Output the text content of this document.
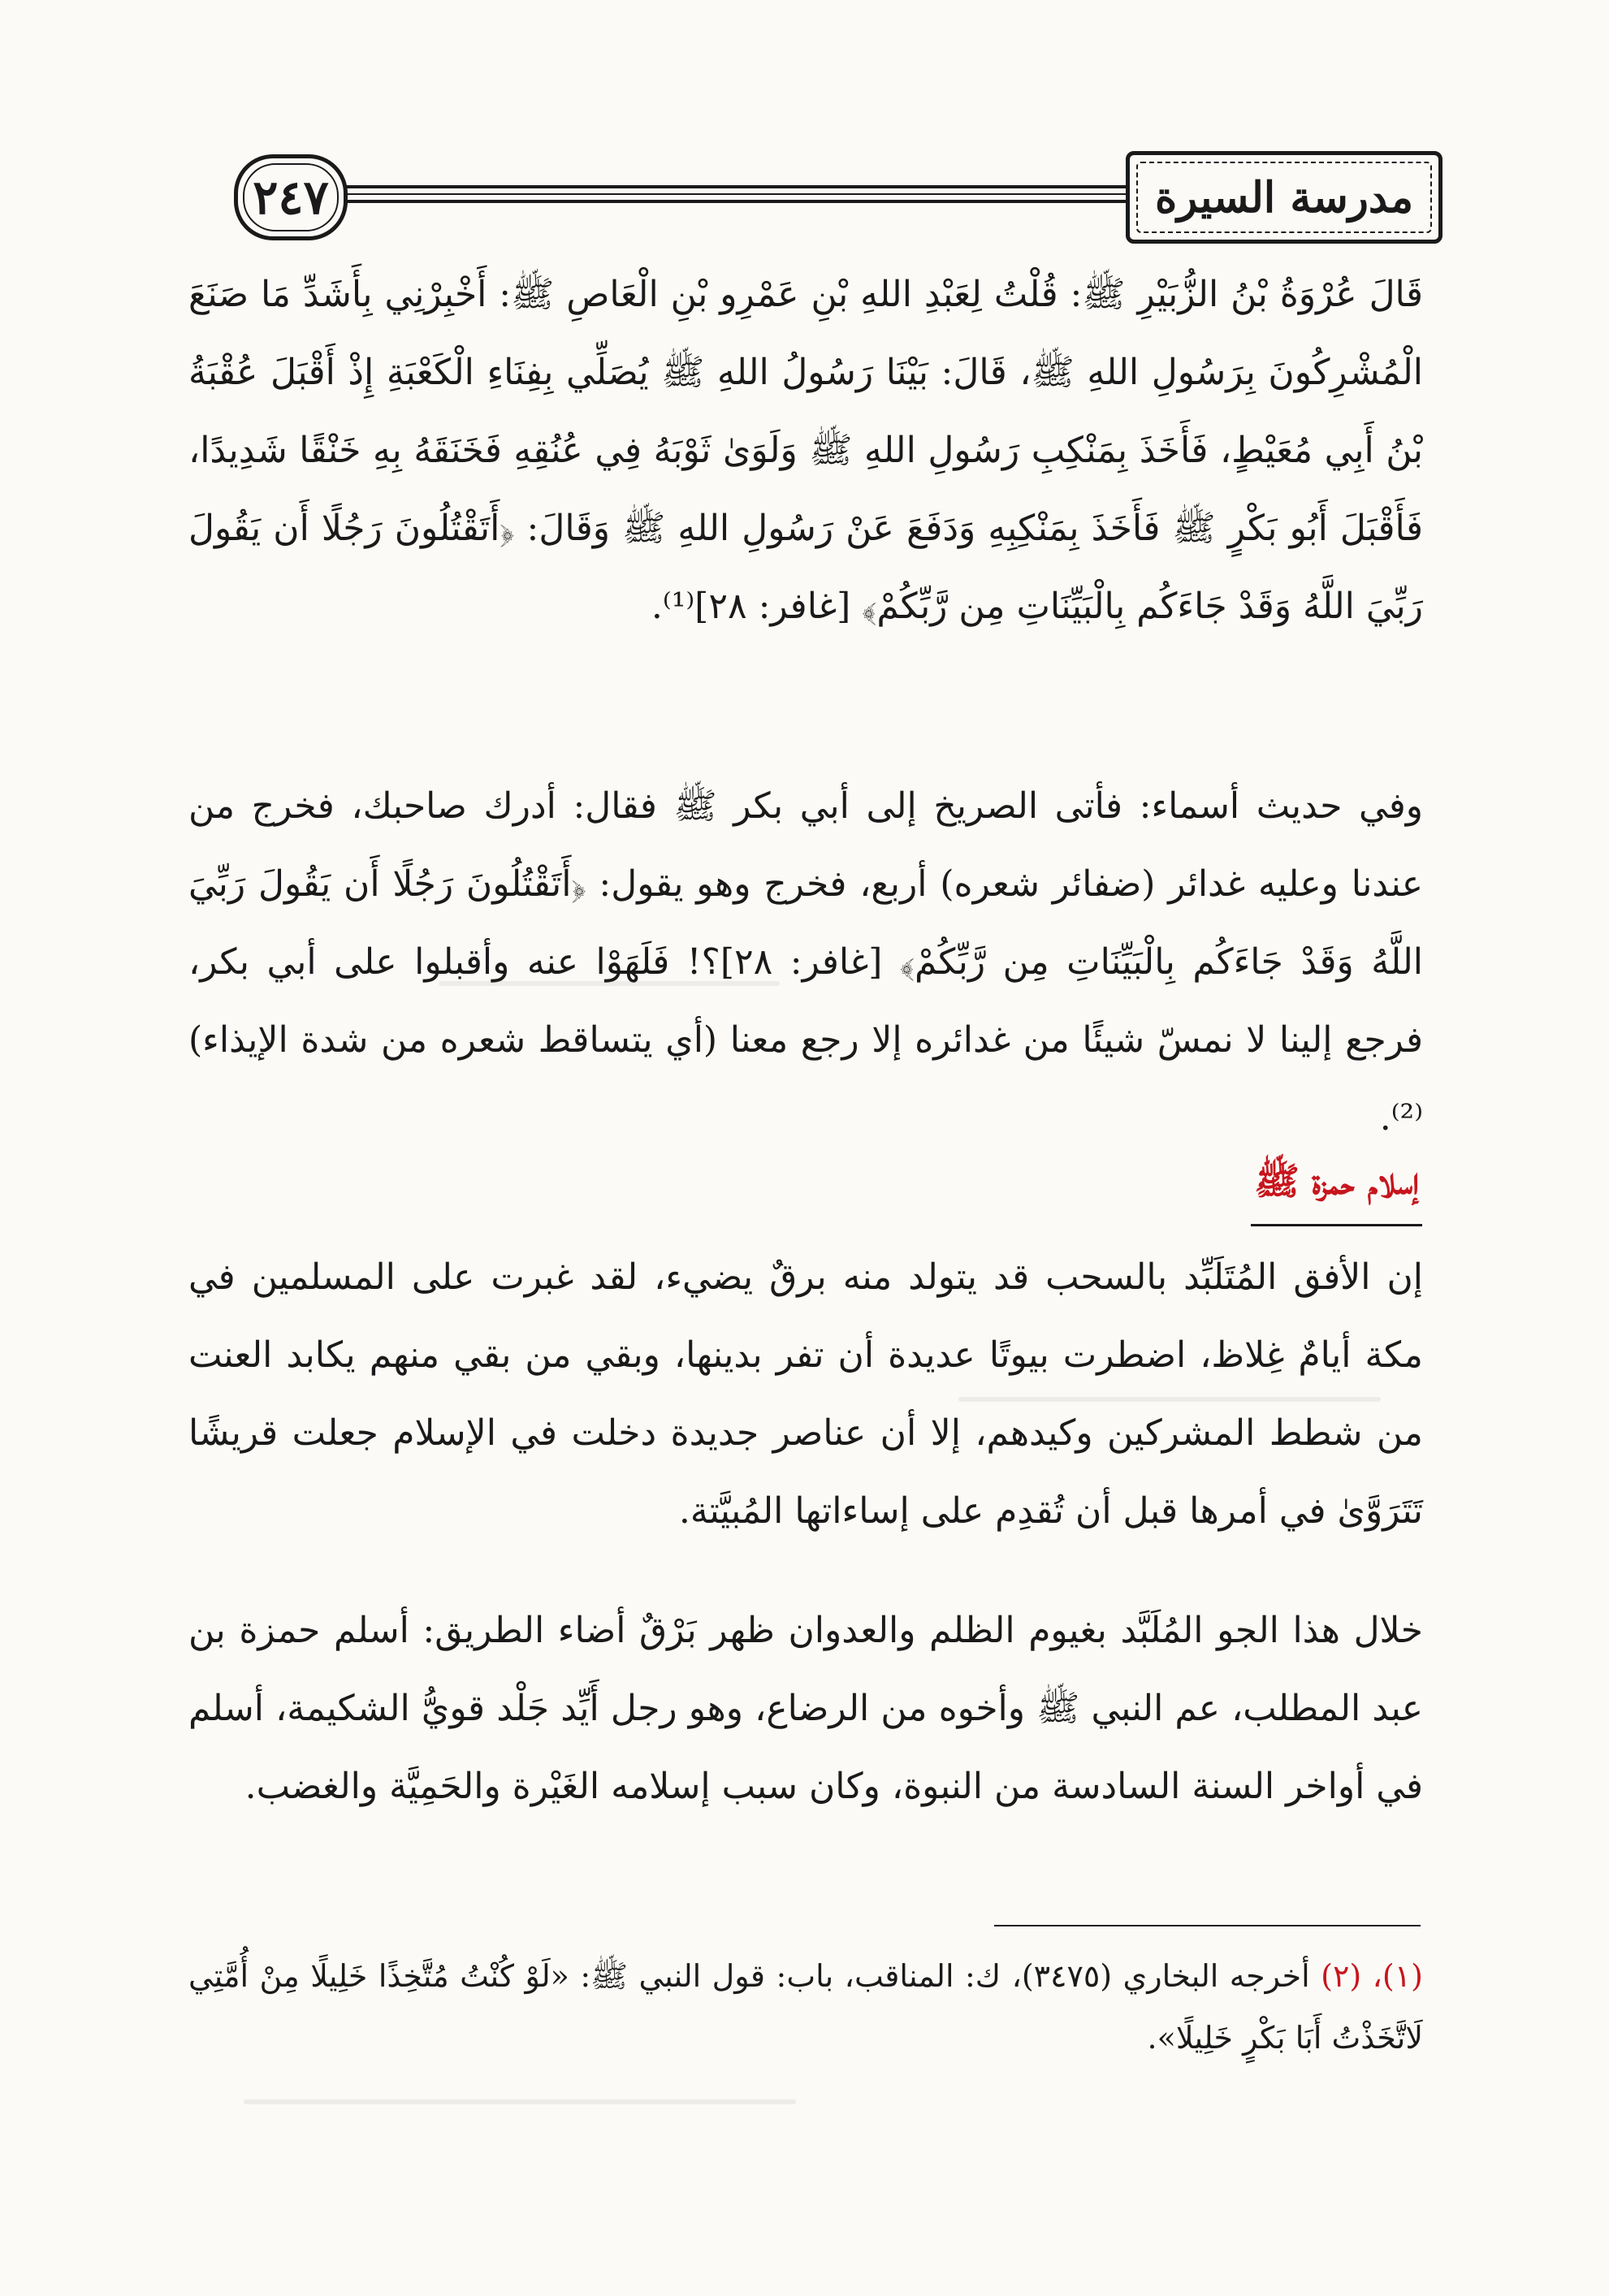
٢٤٧	مدرسة السيرة

قَالَ عُرْوَةُ بْنُ الزُّبَيْرِ ﷺ: قُلْتُ لِعَبْدِ اللهِ بْنِ عَمْرِو بْنِ الْعَاصِ ﷺ: أَخْبِرْنِي بِأَشَدِّ مَا صَنَعَ الْمُشْرِكُونَ بِرَسُولِ اللهِ ﷺ، قَالَ: بَيْنَا رَسُولُ اللهِ ﷺ يُصَلِّي بِفِنَاءِ الْكَعْبَةِ إِذْ أَقْبَلَ عُقْبَةُ بْنُ أَبِي مُعَيْطٍ، فَأَخَذَ بِمَنْكِبِ رَسُولِ اللهِ ﷺ وَلَوَىٰ ثَوْبَهُ فِي عُنُقِهِ فَخَنَقَهُ بِهِ خَنْقًا شَدِيدًا، فَأَقْبَلَ أَبُو بَكْرٍ ﷺ فَأَخَذَ بِمَنْكِبِهِ وَدَفَعَ عَنْ رَسُولِ اللهِ ﷺ وَقَالَ: ﴿أَتَقْتُلُونَ رَجُلًا أَن يَقُولَ رَبِّيَ اللَّهُ وَقَدْ جَاءَكُم بِالْبَيِّنَاتِ مِن رَّبِّكُمْ﴾ [غافر: ٢٨]⁽¹⁾.

وفي حديث أسماء: فأتى الصريخ إلى أبي بكر ﷺ فقال: أدرك صاحبك، فخرج من عندنا وعليه غدائر (ضفائر شعره) أربع، فخرج وهو يقول: ﴿أَتَقْتُلُونَ رَجُلًا أَن يَقُولَ رَبِّيَ اللَّهُ وَقَدْ جَاءَكُم بِالْبَيِّنَاتِ مِن رَّبِّكُمْ﴾ [غافر: ٢٨]؟! فَلَهَوْا عنه وأقبلوا على أبي بكر، فرجع إلينا لا نمسّ شيئًا من غدائره إلا رجع معنا (أي يتساقط شعره من شدة الإيذاء)⁽²⁾.

إسلام حمزة ﷺ

إن الأفق المُتَلَبِّد بالسحب قد يتولد منه برقٌ يضيء، لقد غبرت على المسلمين في مكة أيامٌ غِلاظ، اضطرت بيوتًا عديدة أن تفر بدينها، وبقي من بقي منهم يكابد العنت من شطط المشركين وكيدهم، إلا أن عناصر جديدة دخلت في الإسلام جعلت قريشًا تَتَرَوَّىٰ في أمرها قبل أن تُقدِم على إساءاتها المُبيَّتة.

خلال هذا الجو المُلَبَّد بغيوم الظلم والعدوان ظهر بَرْقٌ أضاء الطريق: أسلم حمزة بن عبد المطلب، عم النبي ﷺ وأخوه من الرضاع، وهو رجل أَيِّد جَلْد قويُّ الشكيمة، أسلم في أواخر السنة السادسة من النبوة، وكان سبب إسلامه الغَيْرة والحَمِيَّة والغضب.

(١)، (٢) أخرجه البخاري (٣٤٧٥)، ك: المناقب، باب: قول النبي ﷺ: «لَوْ كُنْتُ مُتَّخِذًا خَلِيلًا مِنْ أُمَّتِي لَاتَّخَذْتُ أَبَا بَكْرٍ خَلِيلًا».
